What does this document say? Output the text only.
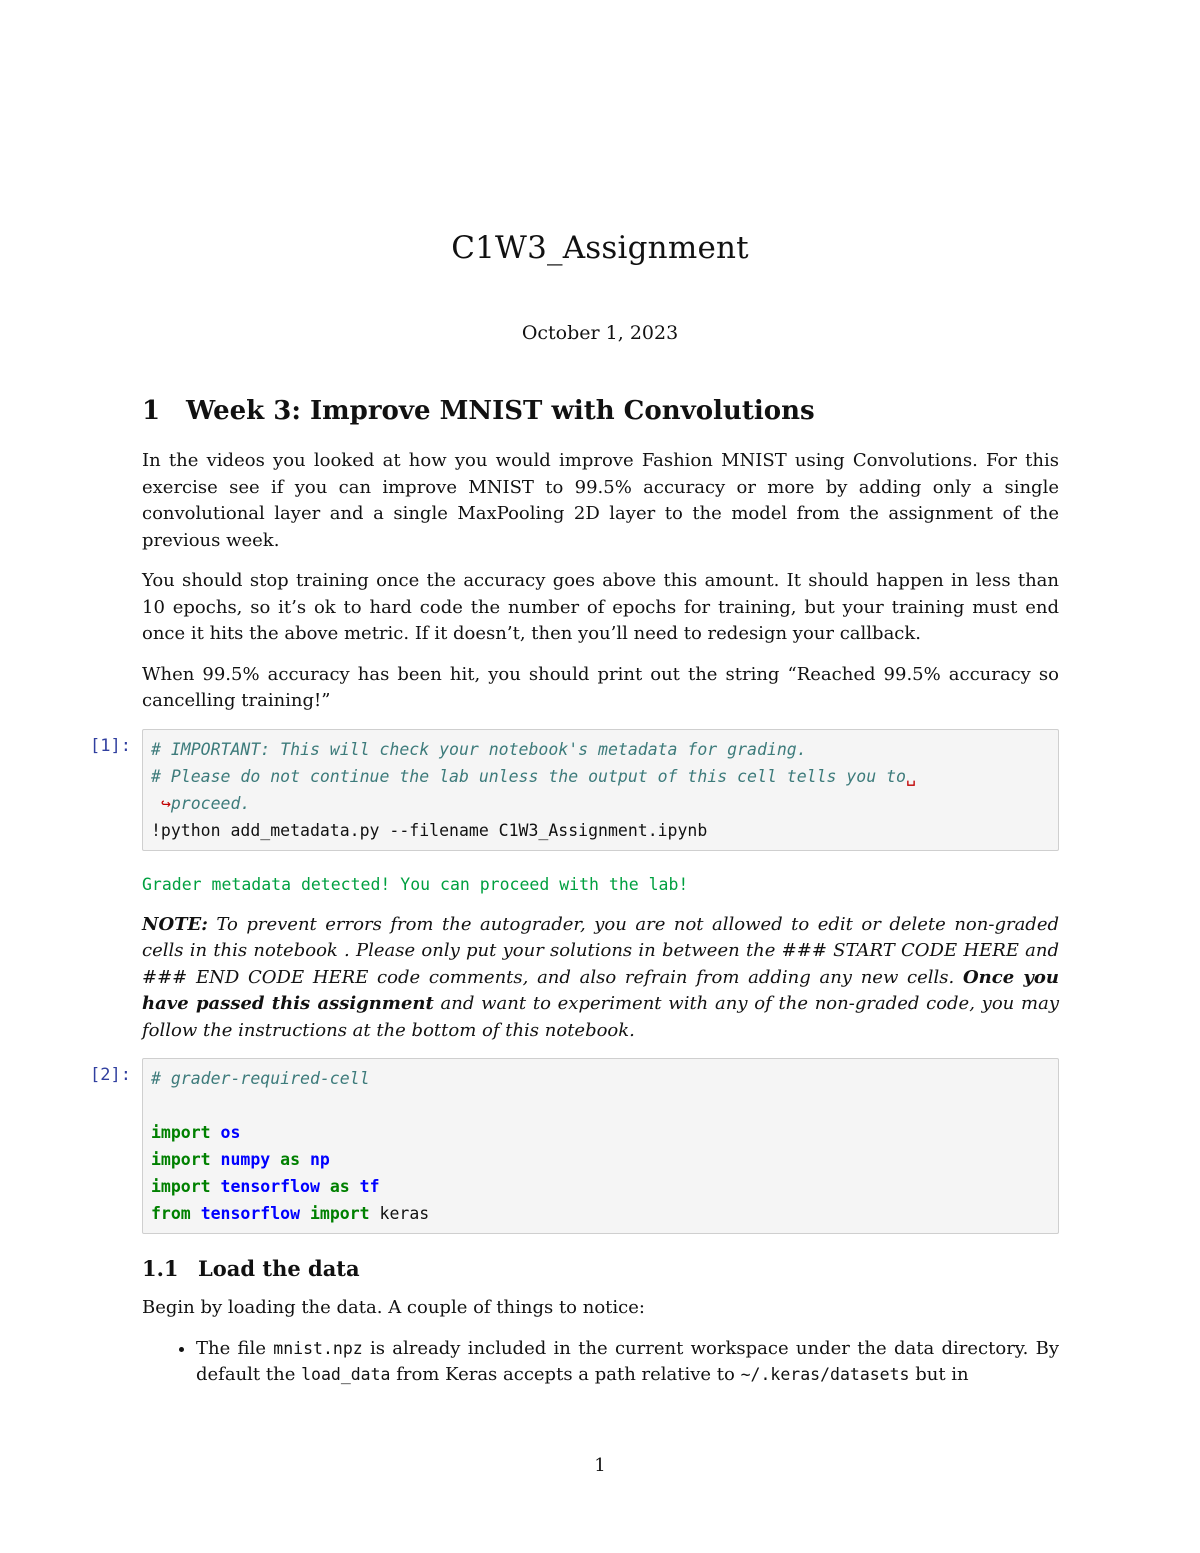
C1W3_Assignment
October 1, 2023
1 Week 3: Improve MNIST with Convolutions

In the videos you looked at how you would improve Fashion MNIST using Convolutions. For this exercise see if you can improve MNIST to 99.5% accuracy or more by adding only a single convolutional layer and a single MaxPooling 2D layer to the model from the assignment of the previous week.

You should stop training once the accuracy goes above this amount. It should happen in less than 10 epochs, so it’s ok to hard code the number of epochs for training, but your training must end once it hits the above metric. If it doesn’t, then you’ll need to redesign your callback.

When 99.5% accuracy has been hit, you should print out the string “Reached 99.5% accuracy so cancelling training!”

[1]:	# IMPORTANT: This will check your notebook's metadata for grading.
# Please do not continue the lab unless the output of this cell tells you to␣
↪proceed.
!python add_metadata.py --filename C1W3_Assignment.ipynb
Grader metadata detected! You can proceed with the lab!

NOTE: To prevent errors from the autograder, you are not allowed to edit or delete non-graded cells in this notebook . Please only put your solutions in between the ### START CODE HERE and ### END CODE HERE code comments, and also refrain from adding any new cells. Once you have passed this assignment and want to experiment with any of the non-graded code, you may follow the instructions at the bottom of this notebook.

[2]:	# grader-required-cell

import os
import numpy as np
import tensorflow as tf
from tensorflow import keras
1.1 Load the data

Begin by loading the data. A couple of things to notice:

• The file mnist.npz is already included in the current workspace under the data directory. By default the load_data from Keras accepts a path relative to ~/.keras/datasets but in
1
